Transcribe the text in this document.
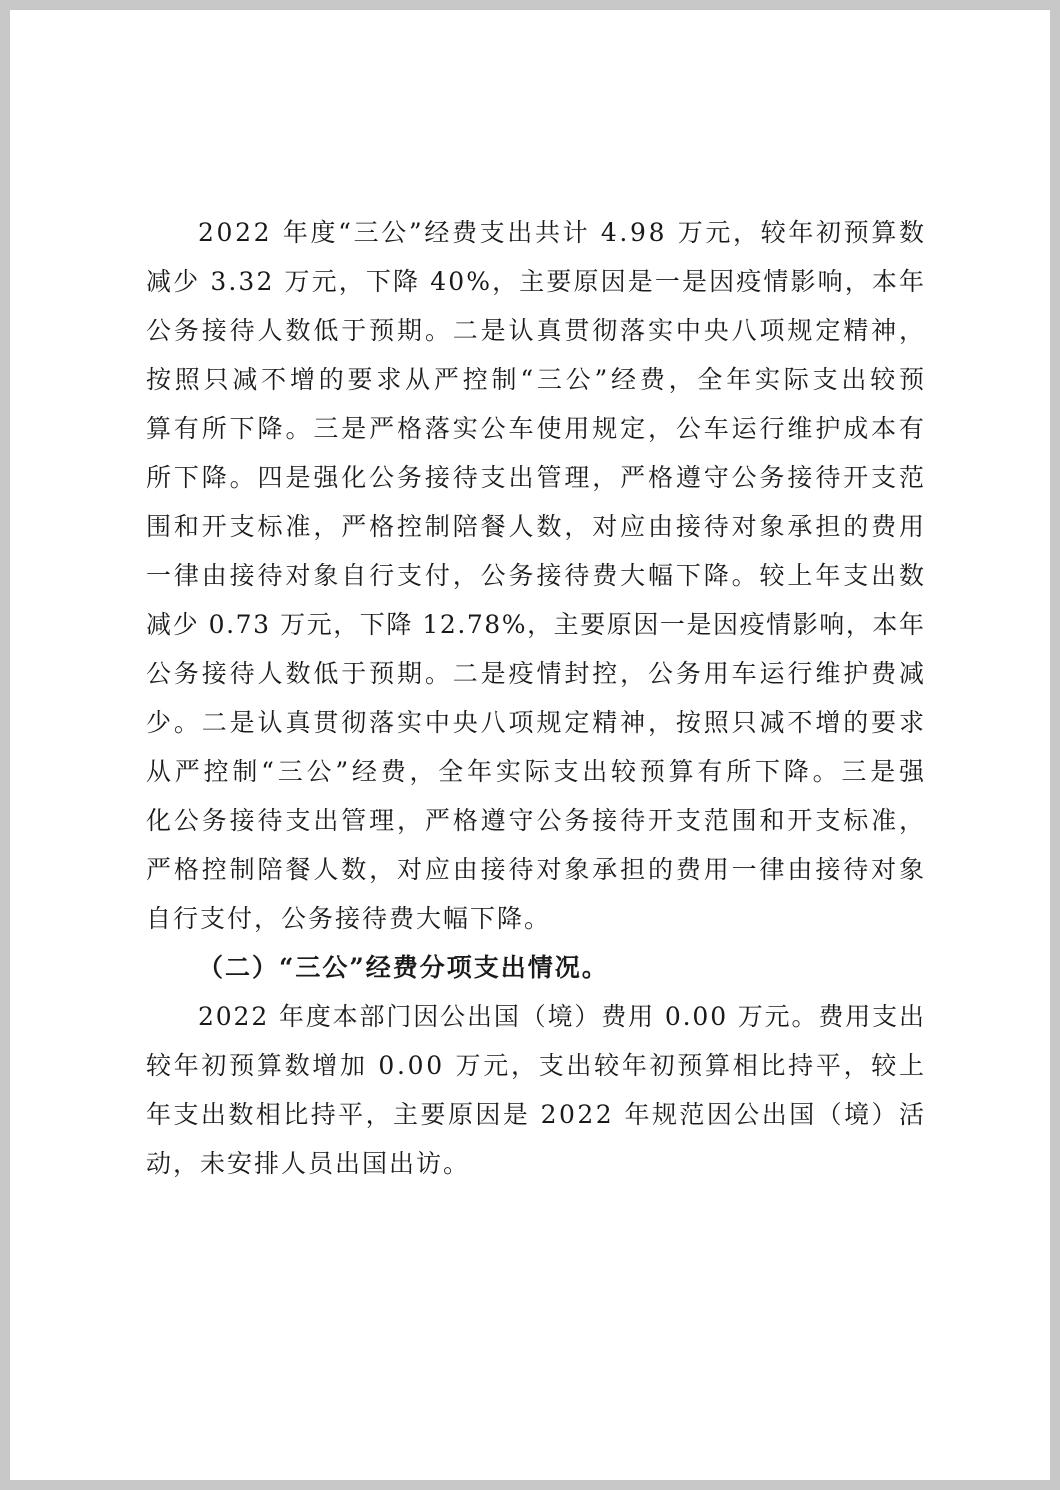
2022 年度“三公”经费支出共计 4.98 万元，较年初预算数
减少 3.32 万元，下降 40%，主要原因是一是因疫情影响，本年
公务接待人数低于预期。二是认真贯彻落实中央八项规定精神，
按照只减不增的要求从严控制“三公”经费，全年实际支出较预
算有所下降。三是严格落实公车使用规定，公车运行维护成本有
所下降。四是强化公务接待支出管理，严格遵守公务接待开支范
围和开支标准，严格控制陪餐人数，对应由接待对象承担的费用
一律由接待对象自行支付，公务接待费大幅下降。较上年支出数
减少 0.73 万元，下降 12.78%，主要原因一是因疫情影响，本年
公务接待人数低于预期。二是疫情封控，公务用车运行维护费减
少。二是认真贯彻落实中央八项规定精神，按照只减不增的要求
从严控制“三公”经费，全年实际支出较预算有所下降。三是强
化公务接待支出管理，严格遵守公务接待开支范围和开支标准，
严格控制陪餐人数，对应由接待对象承担的费用一律由接待对象
自行支付，公务接待费大幅下降。
（二）“三公”经费分项支出情况。
2022 年度本部门因公出国（境）费用 0.00 万元。费用支出
较年初预算数增加 0.00 万元，支出较年初预算相比持平，较上
年支出数相比持平，主要原因是 2022 年规范因公出国（境）活
动，未安排人员出国出访。
